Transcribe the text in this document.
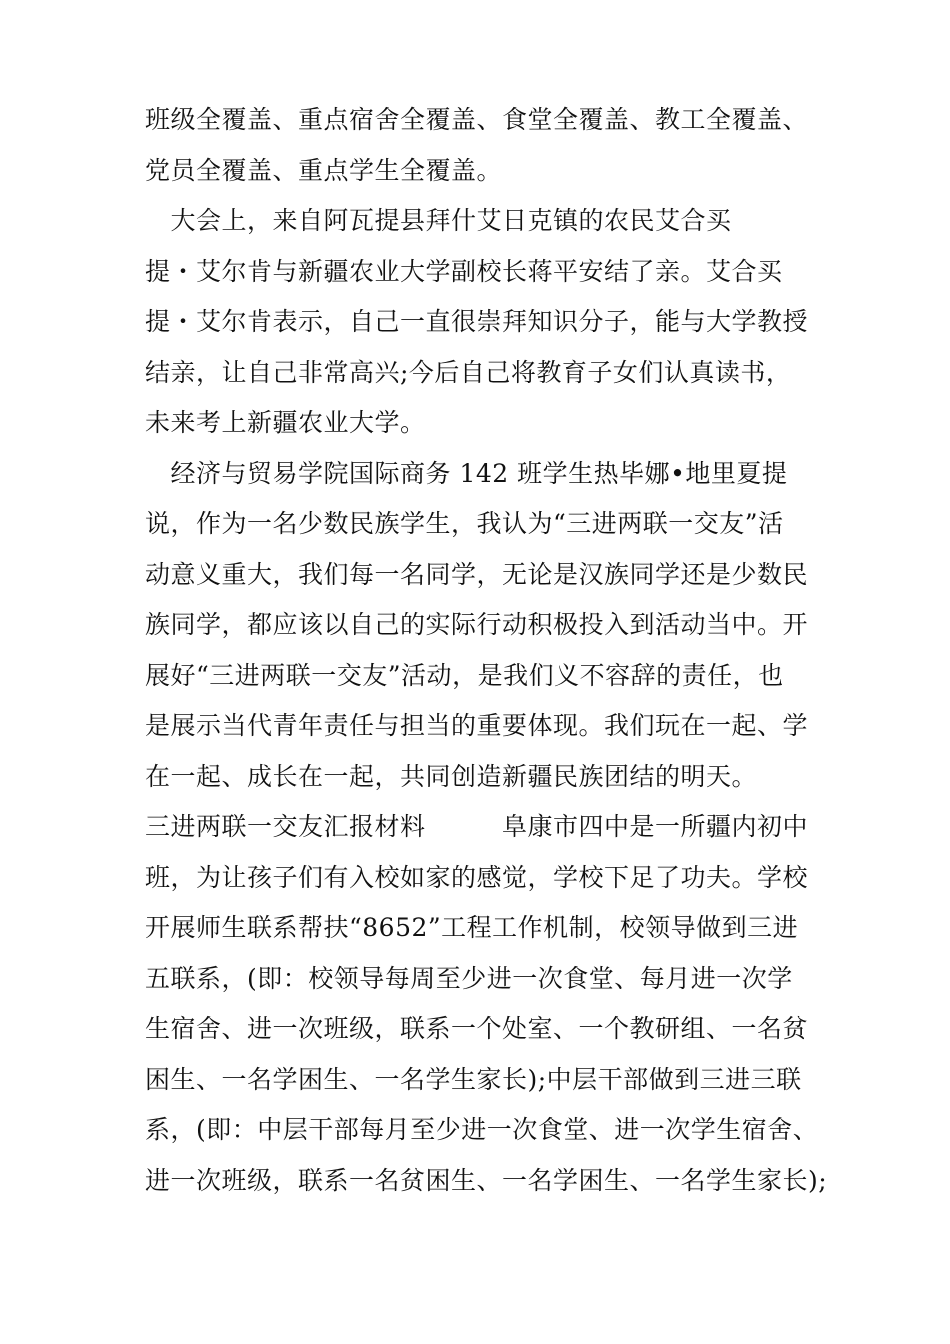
班级全覆盖、重点宿舍全覆盖、食堂全覆盖、教工全覆盖、
党员全覆盖、重点学生全覆盖。
　大会上，来自阿瓦提县拜什艾日克镇的农民艾合买
提・艾尔肯与新疆农业大学副校长蒋平安结了亲。艾合买
提・艾尔肯表示，自己一直很崇拜知识分子，能与大学教授
结亲，让自己非常高兴;今后自己将教育子女们认真读书，
未来考上新疆农业大学。
　经济与贸易学院国际商务 142 班学生热毕娜•地里夏提
说，作为一名少数民族学生，我认为“三进两联一交友”活
动意义重大，我们每一名同学，无论是汉族同学还是少数民
族同学，都应该以自己的实际行动积极投入到活动当中。开
展好“三进两联一交友”活动，是我们义不容辞的责任，也
是展示当代青年责任与担当的重要体现。我们玩在一起、学
在一起、成长在一起，共同创造新疆民族团结的明天。
三进两联一交友汇报材料　　　阜康市四中是一所疆内初中
班，为让孩子们有入校如家的感觉，学校下足了功夫。学校
开展师生联系帮扶“8652”工程工作机制，校领导做到三进
五联系，(即：校领导每周至少进一次食堂、每月进一次学
生宿舍、进一次班级，联系一个处室、一个教研组、一名贫
困生、一名学困生、一名学生家长);中层干部做到三进三联
系，(即：中层干部每月至少进一次食堂、进一次学生宿舍、
进一次班级，联系一名贫困生、一名学困生、一名学生家长);
